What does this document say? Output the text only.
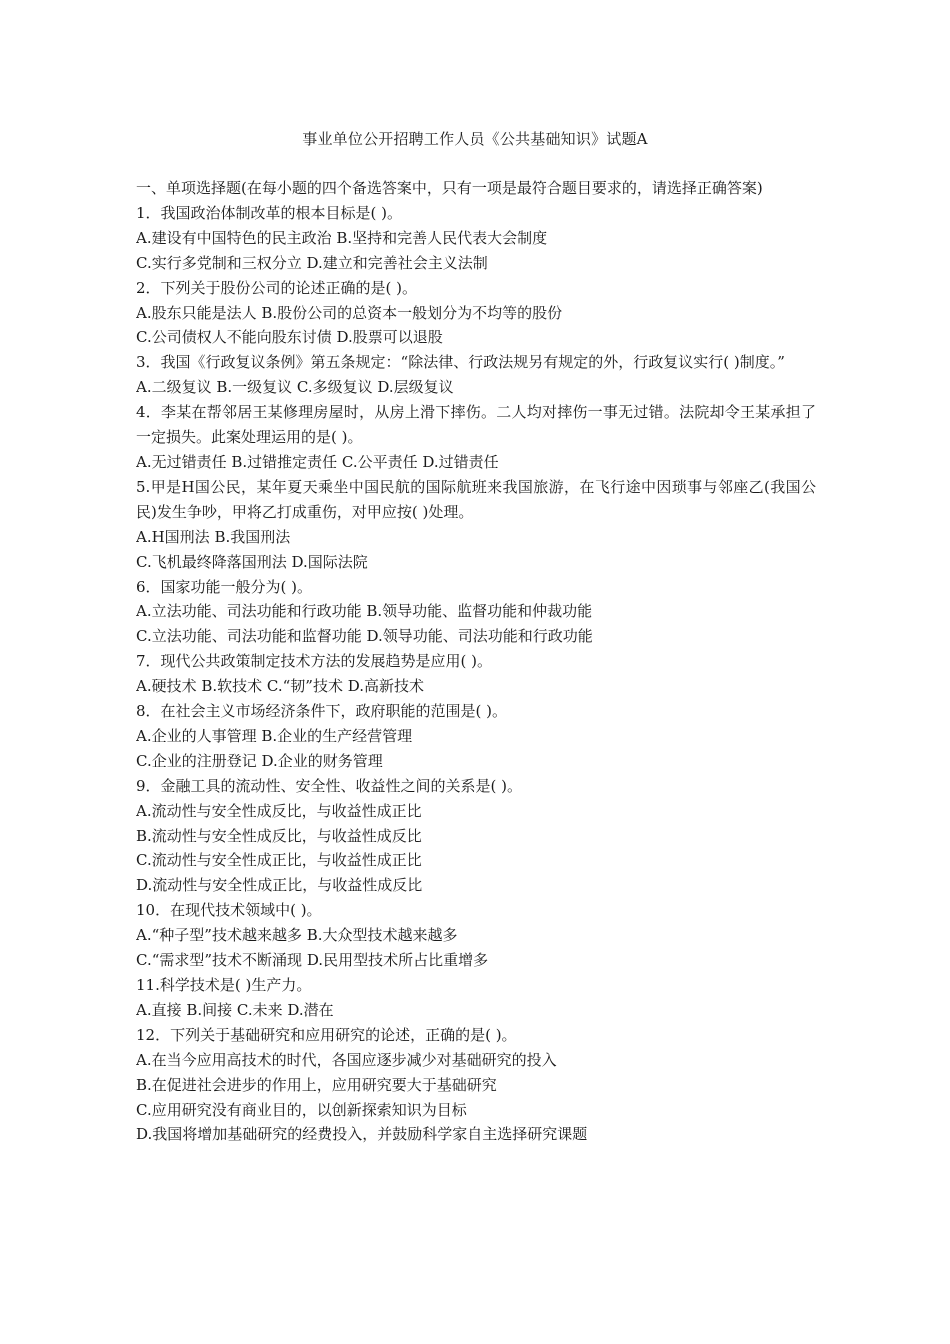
事业单位公开招聘工作人员《公共基础知识》试题A
一、单项选择题(在每小题的四个备选答案中，只有一项是最符合题目要求的，请选择正确答案)
1．我国政治体制改革的根本目标是( )。
A.建设有中国特色的民主政治 B.坚持和完善人民代表大会制度
C.实行多党制和三权分立 D.建立和完善社会主义法制
2．下列关于股份公司的论述正确的是( )。
A.股东只能是法人 B.股份公司的总资本一般划分为不均等的股份
C.公司债权人不能向股东讨债 D.股票可以退股
3．我国《行政复议条例》第五条规定：“除法律、行政法规另有规定的外，行政复议实行( )制度。”
A.二级复议 B.一级复议 C.多级复议 D.层级复议
4．李某在帮邻居王某修理房屋时，从房上滑下摔伤。二人均对摔伤一事无过错。法院却令王某承担了一定损失。此案处理运用的是( )。
A.无过错责任 B.过错推定责任 C.公平责任 D.过错责任
5.甲是H国公民，某年夏天乘坐中国民航的国际航班来我国旅游，在飞行途中因琐事与邻座乙(我国公民)发生争吵，甲将乙打成重伤，对甲应按( )处理。
A.H国刑法 B.我国刑法
C.飞机最终降落国刑法 D.国际法院
6．国家功能一般分为( )。
A.立法功能、司法功能和行政功能 B.领导功能、监督功能和仲裁功能
C.立法功能、司法功能和监督功能 D.领导功能、司法功能和行政功能
7．现代公共政策制定技术方法的发展趋势是应用( )。
A.硬技术 B.软技术 C.“韧”技术 D.高新技术
8．在社会主义市场经济条件下，政府职能的范围是( )。
A.企业的人事管理 B.企业的生产经营管理
C.企业的注册登记 D.企业的财务管理
9．金融工具的流动性、安全性、收益性之间的关系是( )。
A.流动性与安全性成反比，与收益性成正比
B.流动性与安全性成反比，与收益性成反比
C.流动性与安全性成正比，与收益性成正比
D.流动性与安全性成正比，与收益性成反比
10．在现代技术领域中( )。
A.“种子型”技术越来越多 B.大众型技术越来越多
C.“需求型”技术不断涌现 D.民用型技术所占比重增多
11.科学技术是( )生产力。
A.直接 B.间接 C.未来 D.潜在
12．下列关于基础研究和应用研究的论述，正确的是( )。
A.在当今应用高技术的时代，各国应逐步减少对基础研究的投入
B.在促进社会进步的作用上，应用研究要大于基础研究
C.应用研究没有商业目的，以创新探索知识为目标
D.我国将增加基础研究的经费投入，并鼓励科学家自主选择研究课题
